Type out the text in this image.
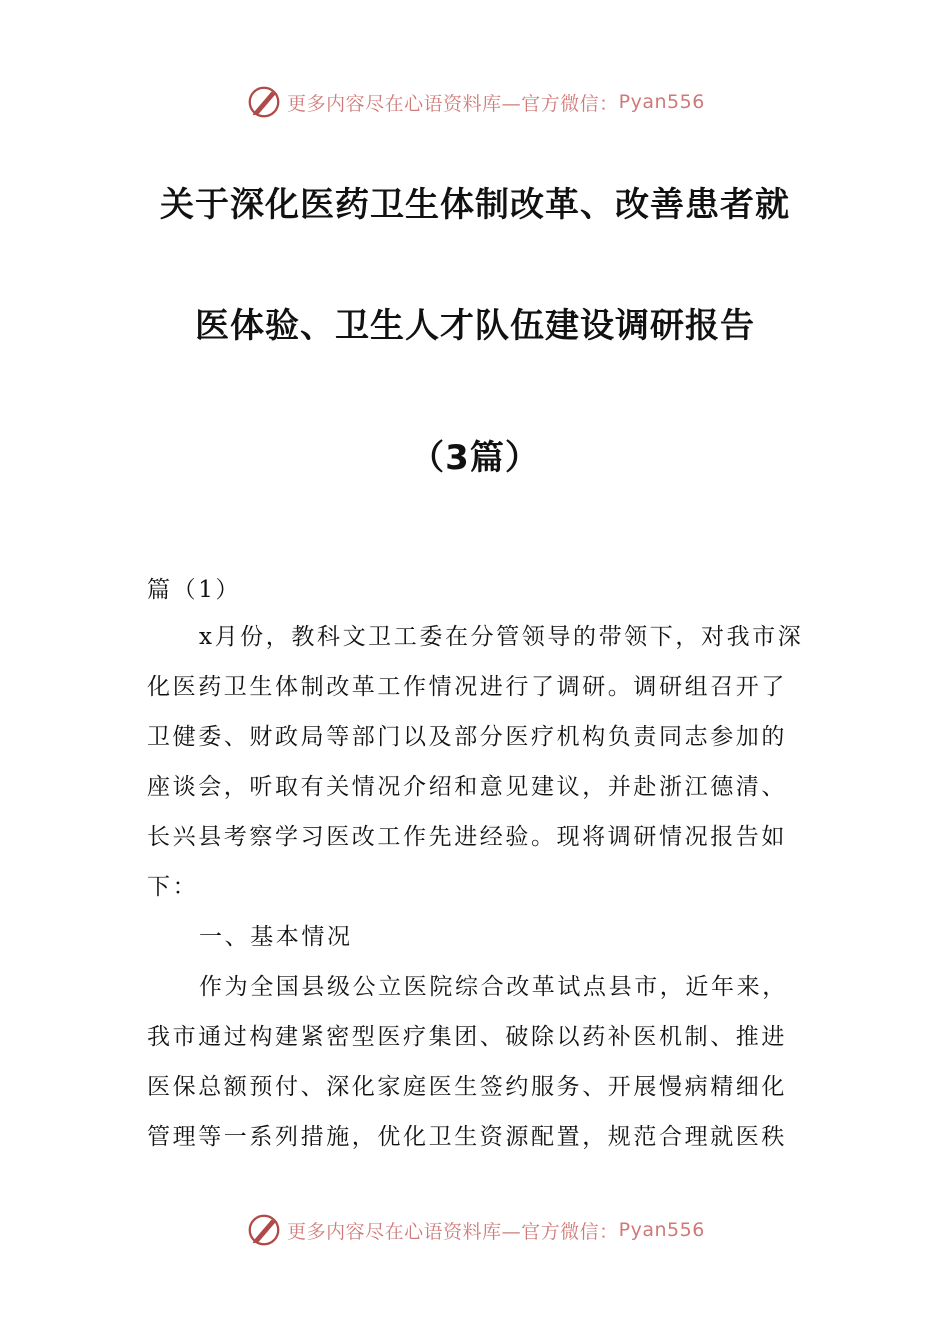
更多内容尽在心语资料库—官方微信： Pyan556
关于深化医药卫生体制改革、改善患者就
医体验、卫生人才队伍建设调研报告
（3篇）
篇（1）

x月份，教科文卫工委在分管领导的带领下，对我市深化医药卫生体制改革工作情况进行了调研。调研组召开了卫健委、财政局等部门以及部分医疗机构负责同志参加的座谈会，听取有关情况介绍和意见建议，并赴浙江德清、长兴县考察学习医改工作先进经验。现将调研情况报告如下：

一、基本情况

作为全国县级公立医院综合改革试点县市，近年来，我市通过构建紧密型医疗集团、破除以药补医机制、推进医保总额预付、深化家庭医生签约服务、开展慢病精细化管理等一系列措施，优化卫生资源配置，规范合理就医秩

更多内容尽在心语资料库—官方微信： Pyan556
